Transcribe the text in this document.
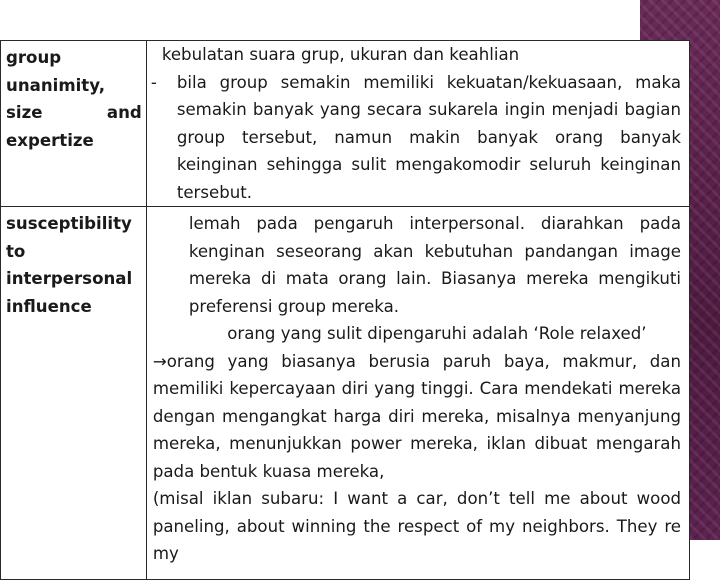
group unanimity, size and expertize	kebulatan suara grup, ukuran dan keahlian
- bila group semakin memiliki kekuatan/kekuasaan, maka semakin banyak yang secara sukarela ingin menjadi bagian group tersebut, namun makin banyak orang banyak keinginan sehingga sulit mengakomodir seluruh keinginan tersebut.

susceptibility to interpersonal influence	lemah pada pengaruh interpersonal. diarahkan pada kenginan seseorang akan kebutuhan pandangan image mereka di mata orang lain. Biasanya mereka mengikuti preferensi group mereka.
orang yang sulit dipengaruhi adalah ‘Role relaxed’
→orang yang biasanya berusia paruh baya, makmur, dan memiliki kepercayaan diri yang tinggi. Cara mendekati mereka dengan mengangkat harga diri mereka, misalnya menyanjung mereka, menunjukkan power mereka, iklan dibuat mengarah pada bentuk kuasa mereka,
(misal iklan subaru: I want a car, don’t tell me about wood paneling, about winning the respect of my neighbors. They re my
